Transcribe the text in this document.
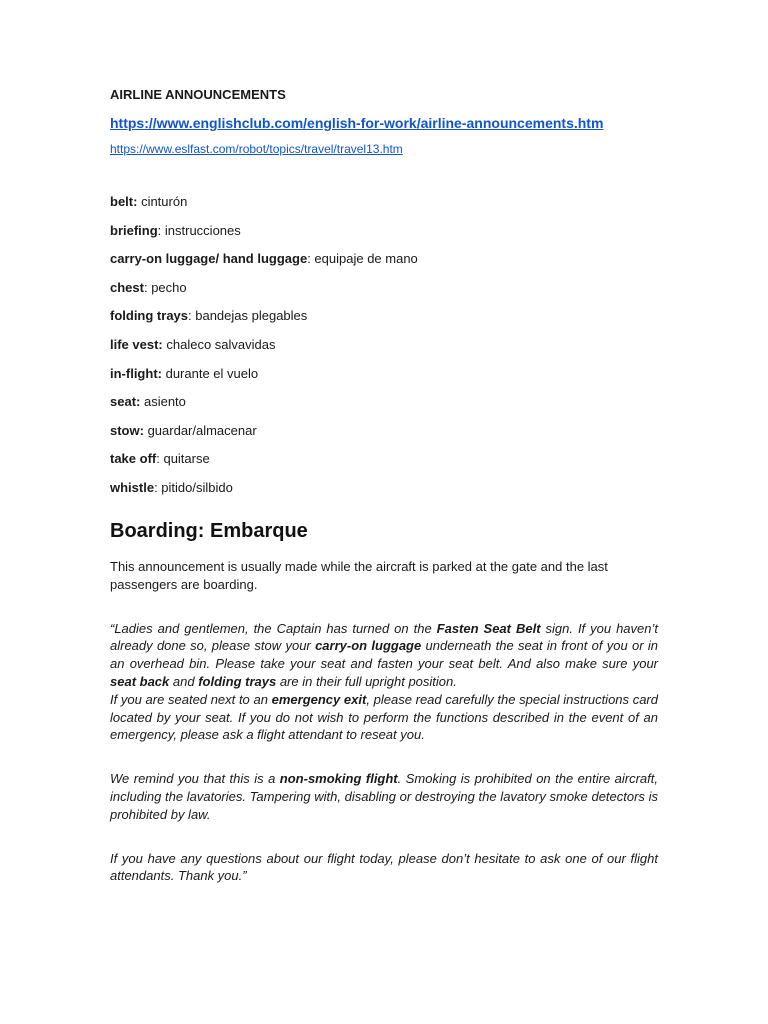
AIRLINE ANNOUNCEMENTS
https://www.englishclub.com/english-for-work/airline-announcements.htm
https://www.eslfast.com/robot/topics/travel/travel13.htm
belt: cinturón
briefing: instrucciones
carry-on luggage/ hand luggage: equipaje de mano
chest: pecho
folding trays: bandejas plegables
life vest: chaleco salvavidas
in-flight: durante el vuelo
seat: asiento
stow: guardar/almacenar
take off: quitarse
whistle: pitido/silbido
Boarding: Embarque

This announcement is usually made while the aircraft is parked at the gate and the last passengers are boarding.

“Ladies and gentlemen, the Captain has turned on the Fasten Seat Belt sign. If you haven’t already done so, please stow your carry-on luggage underneath the seat in front of you or in an overhead bin. Please take your seat and fasten your seat belt. And also make sure your seat back and folding trays are in their full upright position.
If you are seated next to an emergency exit, please read carefully the special instructions card located by your seat. If you do not wish to perform the functions described in the event of an emergency, please ask a flight attendant to reseat you.

We remind you that this is a non-smoking flight. Smoking is prohibited on the entire aircraft, including the lavatories. Tampering with, disabling or destroying the lavatory smoke detectors is prohibited by law.

If you have any questions about our flight today, please don’t hesitate to ask one of our flight attendants. Thank you.”
